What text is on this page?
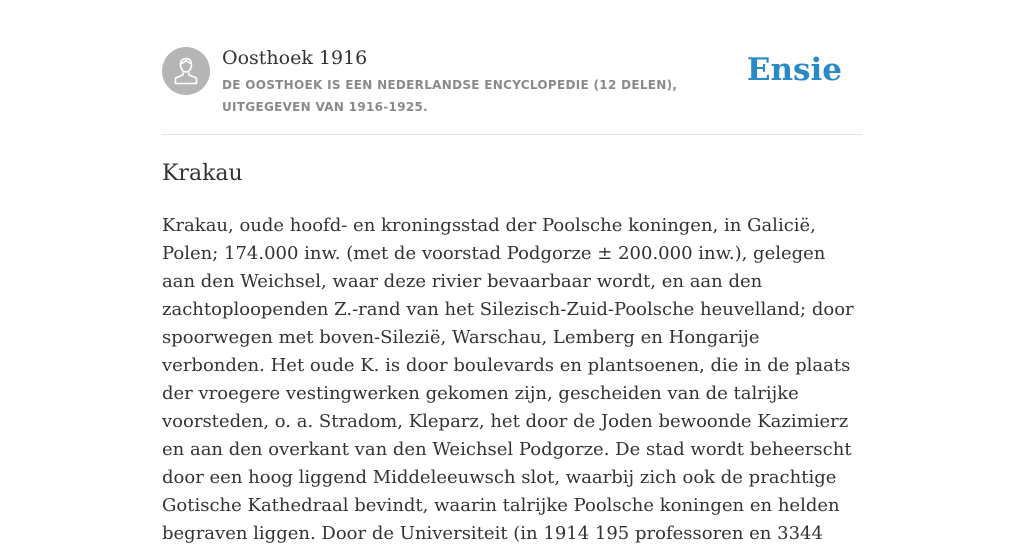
Oosthoek 1916
DE OOSTHOEK IS EEN NEDERLANDSE ENCYCLOPEDIE (12 DELEN), UITGEGEVEN VAN 1916-1925.
Ensie
Krakau

Krakau, oude hoofd- en kroningsstad der Poolsche koningen, in Galicië, Polen; 174.000 inw. (met de voorstad Podgorze ± 200.000 inw.), gelegen aan den Weichsel, waar deze rivier bevaarbaar wordt, en aan den zachtoploopenden Z.-rand van het Silezisch-Zuid-Poolsche heuvelland; door spoorwegen met boven-Silezië, Warschau, Lemberg en Hongarije verbonden. Het oude K. is door boulevards en plantsoenen, die in de plaats der vroegere vestingwerken gekomen zijn, gescheiden van de talrijke voorsteden, o. a. Stradom, Kleparz, het door de Joden bewoonde Kazimierz en aan den overkant van den Weichsel Podgorze. De stad wordt beheerscht door een hoog liggend Middeleeuwsch slot, waarbij zich ook de prachtige Gotische Kathedraal bevindt, waarin talrijke Poolsche koningen en helden begraven liggen. Door de Universiteit (in 1914 195 professoren en 3344
